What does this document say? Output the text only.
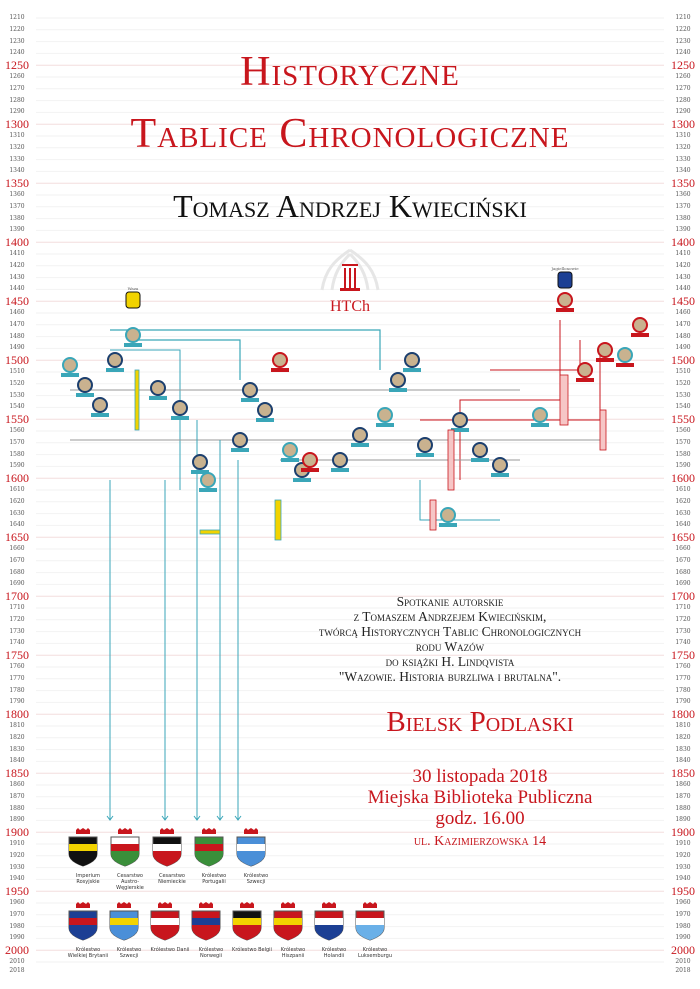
1210
1220
1230
1240
1250
1260
1270
1280
1290
1300
1310
1320
1330
1340
1350
1360
1370
1380
1390
1400
1410
1420
1430
1440
1450
1460
1470
1480
1490
1500
1510
1520
1530
1540
1550
1560
1570
1580
1590
1600
1610
1620
1630
1640
1650
1660
1670
1680
1690
1700
1710
1720
1730
1740
1750
1760
1770
1780
1790
1800
1810
1820
1830
1840
1850
1860
1870
1880
1890
1900
1910
1920
1930
1940
1950
1960
1970
1980
1990
2000
2010
2018
1210
1220
1230
1240
1250
1260
1270
1280
1290
1300
1310
1320
1330
1340
1350
1360
1370
1380
1390
1400
1410
1420
1430
1440
1450
1460
1470
1480
1490
1500
1510
1520
1530
1540
1550
1560
1570
1580
1590
1600
1610
1620
1630
1640
1650
1660
1670
1680
1690
1700
1710
1720
1730
1740
1750
1760
1770
1780
1790
1800
1810
1820
1830
1840
1850
1860
1870
1880
1890
1900
1910
1920
1930
1940
1950
1960
1970
1980
1990
2000
2010
2018
Historyczne
Tablice Chronologiczne
Tomasz Andrzej Kwieciński
HTCh
Waza
Jagiellonowie
Spotkanie autorskie
z Tomaszem Andrzejem Kwiecińskim,
twórcą Historycznych Tablic Chronologicznych
rodu Wazów
do książki H. Lindqvista
"Wazowie. Historia burzliwa i brutalna".
Bielsk Podlaski
30 listopada 2018
Miejska Biblioteka Publiczna
godz. 16.00
ul. Kazimierzowska 14
Imperium Rosyjskie
Cesarstwo Austro-Węgierskie
Cesarstwo Niemieckie
Królestwo Portugalii
Królestwo Szwecji
Królestwo Wielkiej Brytanii
Królestwo Szwecji
Królestwo Danii	Królestwo Norwegii
Królestwo Belgii	Królestwo Hiszpanii
Królestwo Holandii
Królestwo Luksemburgu
